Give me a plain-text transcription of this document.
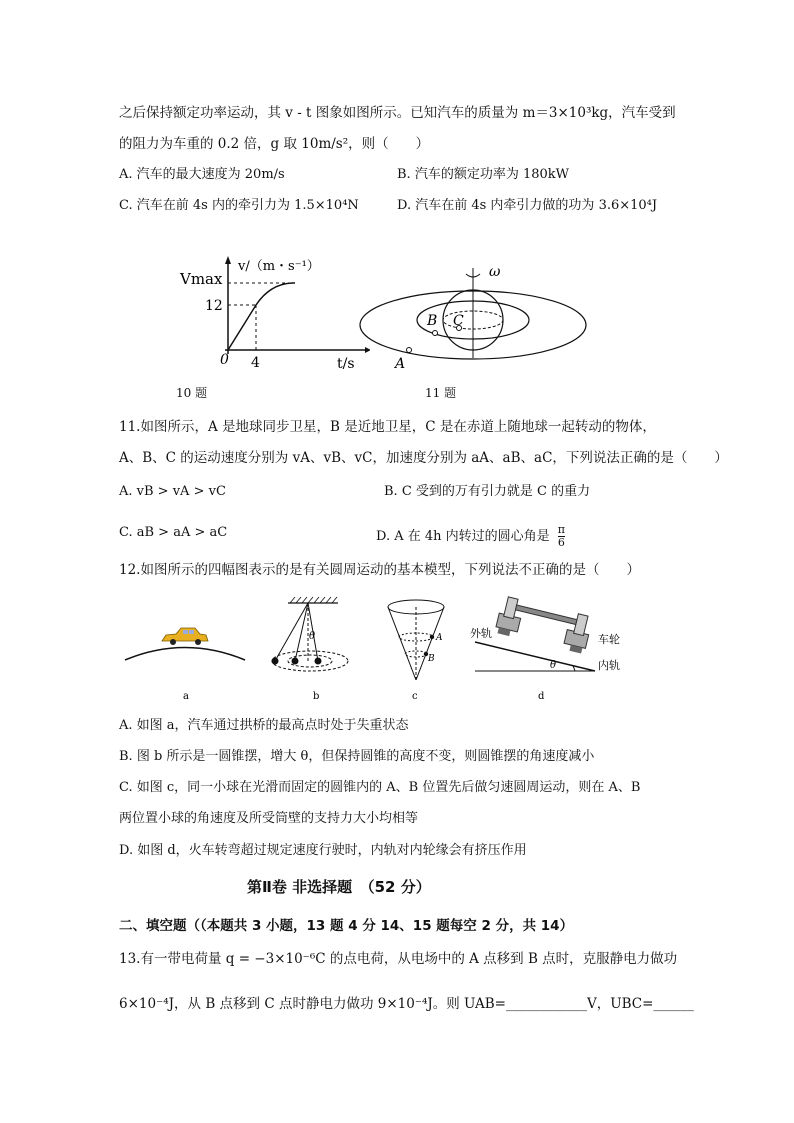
之后保持额定功率运动，其 v - t 图象如图所示。已知汽车的质量为 m＝3×10³kg，汽车受到
的阻力为车重的 0.2 倍，g 取 10m/s²，则（　　）
A. 汽车的最大速度为 20m/s	B. 汽车的额定功率为 180kW
C. 汽车在前 4s 内的牵引力为 1.5×10⁴N	D. 汽车在前 4s 内牵引力做的功为 3.6×10⁴J
Vmax
v/（m・s⁻¹）
12
0 4	t/s
10 题
ω
B C
A
11 题
11.如图所示，A 是地球同步卫星，B 是近地卫星，C 是在赤道上随地球一起转动的物体，
A、B、C 的运动速度分别为 vA、vB、vC，加速度分别为 aA、aB、aC，下列说法正确的是（　　）
A. vB > vA > vC	B. C 受到的万有引力就是 C 的重力
C. aB > aA > aC	D. A 在 4h 内转过的圆心角是 $\frac{\pi}{6}$
12.如图所示的四幅图表示的是有关圆周运动的基本模型，下列说法不正确的是（　　）
a
θ
b
A
B
c
θ
外轨	车轮
内轨
d
A. 如图 a，汽车通过拱桥的最高点时处于失重状态
B. 图 b 所示是一圆锥摆，增大 θ，但保持圆锥的高度不变，则圆锥摆的角速度减小
C. 如图 c，同一小球在光滑而固定的圆锥内的 A、B 位置先后做匀速圆周运动，则在 A、B
两位置小球的角速度及所受筒壁的支持力大小均相等
D. 如图 d，火车转弯超过规定速度行驶时，内轨对内轮缘会有挤压作用
第Ⅱ卷 非选择题　（52 分）
二、填空题（（本题共 3 小题，13 题 4 分 14、15 题每空 2 分，共 14）
13.有一带电荷量 q = −3×10⁻⁶C 的点电荷，从电场中的 A 点移到 B 点时，克服静电力做功
6×10⁻⁴J，从 B 点移到 C 点时静电力做功 9×10⁻⁴J。则 UAB=____________V，UBC=______
